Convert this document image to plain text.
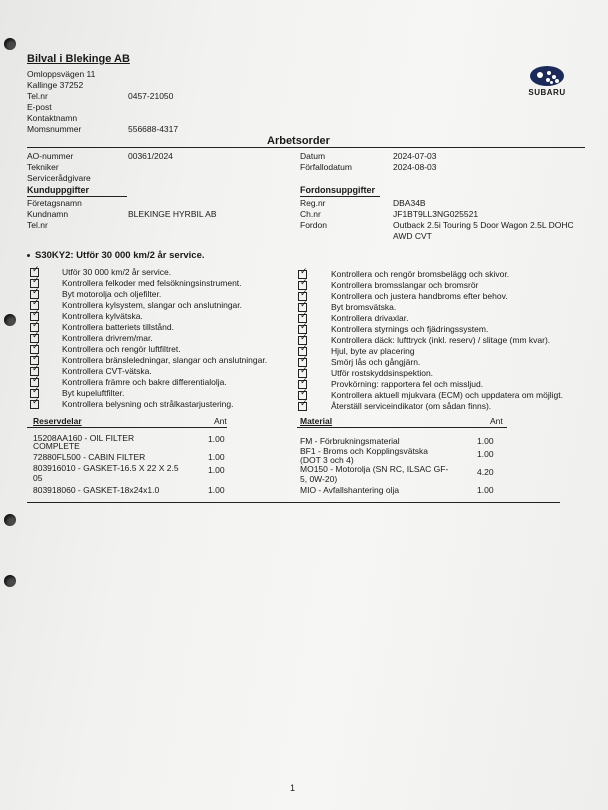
Bilval i Blekinge AB
Omloppsvägen 11
Kallinge 37252
Tel.nr	0457-21050
E-post
Kontaktnamn
Momsnummer	556688-4317
SUBARU
Arbetsorder
AO-nummer	00361/2024
Tekniker
Servicerådgivare
Datum	2024-07-03
Förfallodatum	2024-08-03
Kunduppgifter	Fordonsuppgifter
Företagsnamn
Kundnamn	BLEKINGE HYRBIL AB
Tel.nr
Reg.nr	DBA34B
Ch.nr	JF1BT9LL3NG025521
Fordon	Outback 2.5i Touring 5 Door Wagon 2.5L DOHC
AWD CVT
S30KY2: Utför 30 000 km/2 år service.
✓
Utför 30 000 km/2 år service.
✓
Kontrollera felkoder med felsökningsinstrument.
✓
Byt motorolja och oljefilter.
✓
Kontrollera kylsystem, slangar och anslutningar.
✓
Kontrollera kylvätska.
✓
Kontrollera batteriets tillstånd.
✓
Kontrollera drivrem/mar.
✓
Kontrollera och rengör luftfiltret.
✓
Kontrollera bränsleledningar, slangar och anslutningar.
✓
Kontrollera CVT-vätska.
✓
Kontrollera främre och bakre differentialolja.
✓
Byt kupeluftfilter.
✓
Kontrollera belysning och strålkastarjustering.
✓
Kontrollera och rengör bromsbelägg och skivor.
✓
Kontrollera bromsslangar och bromsrör
✓
Kontrollera och justera handbroms efter behov.
✓
Byt bromsvätska.
✓
Kontrollera drivaxlar.
✓
Kontrollera styrnings och fjädringssystem.
✓
Kontrollera däck: lufttryck (inkl. reserv) / slitage (mm kvar).
✓
Hjul, byte av placering
✓
Smörj lås och gångjärn.
✓
Utför rostskyddsinspektion.
✓
Provkörning: rapportera fel och missljud.
✓
Kontrollera aktuell mjukvara (ECM) och uppdatera om möjligt.
✓
Återställ serviceindikator (om sådan finns).
Reservdelar	Ant
15208AA160 - OIL FILTER
COMPLETE
1.00
72880FL500 - CABIN FILTER	1.00
803916010 - GASKET-16.5 X 22 X 2.5
05
1.00
803918060 - GASKET-18x24x1.0	1.00
Material	Ant
FM - Förbrukningsmaterial	1.00
BF1 - Broms och Kopplingsvätska
(DOT 3 och 4)
1.00
MO150 - Motorolja (SN RC, ILSAC GF-
5, 0W-20)
4.20
MIO - Avfallshantering olja	1.00
1
